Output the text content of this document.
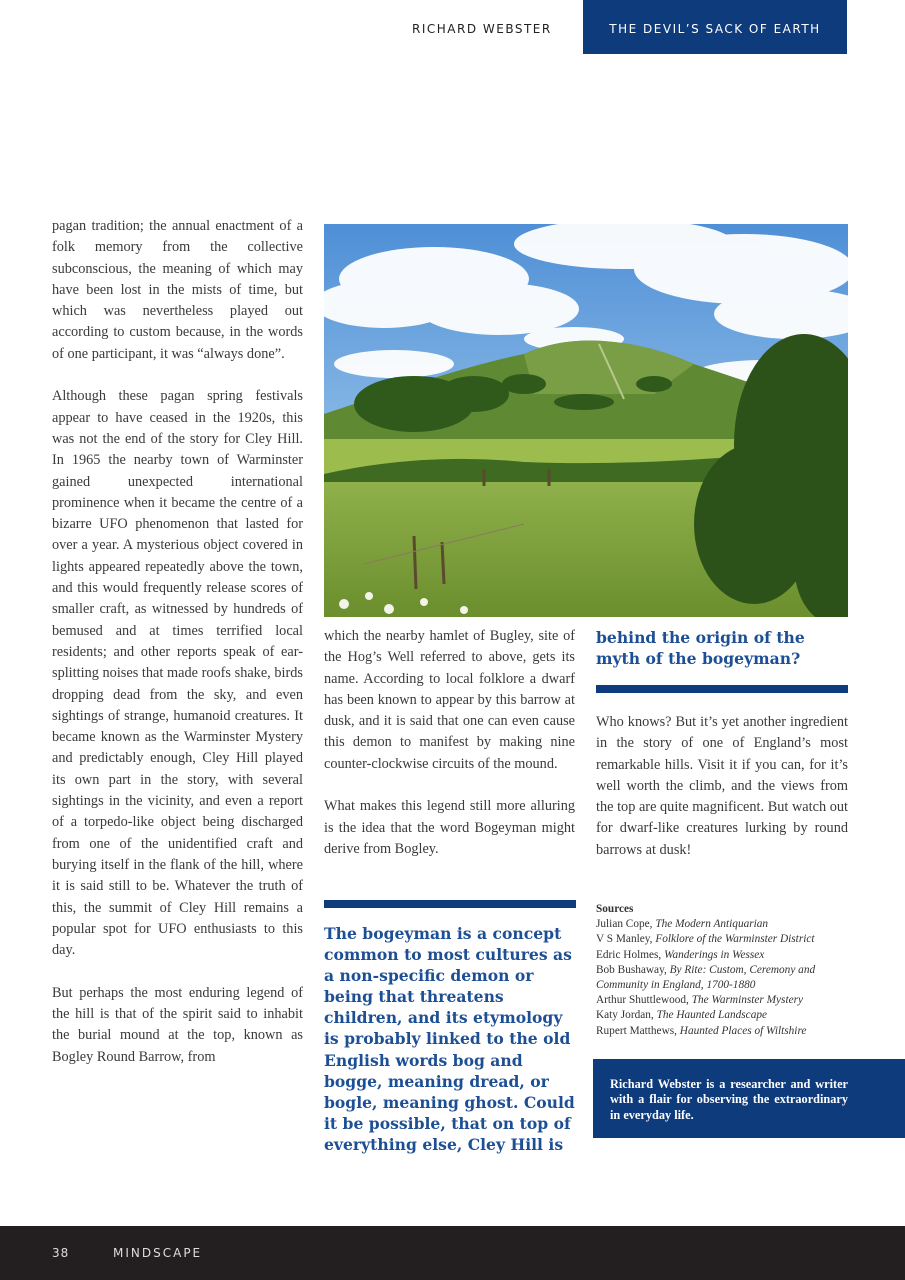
RICHARD WEBSTER	THE DEVIL’S SACK OF EARTH

pagan tradition; the annual enactment of a folk memory from the collective subconscious, the meaning of which may have been lost in the mists of time, but which was nevertheless played out according to custom because, in the words of one participant, it was “always done”.

Although these pagan spring festivals appear to have ceased in the 1920s, this was not the end of the story for Cley Hill. In 1965 the nearby town of Warminster gained unexpected international prominence when it became the centre of a bizarre UFO phenomenon that lasted for over a year. A mysterious object covered in lights appeared repeatedly above the town, and this would frequently release scores of smaller craft, as witnessed by hundreds of bemused and at times terrified local residents; and other reports speak of ear-splitting noises that made roofs shake, birds dropping dead from the sky, and even sightings of strange, humanoid creatures. It became known as the Warminster Mystery and predictably enough, Cley Hill played its own part in the story, with several sightings in the vicinity, and even a report of a torpedo-like object being discharged from one of the unidentified craft and burying itself in the flank of the hill, where it is said still to be. Whatever the truth of this, the summit of Cley Hill remains a popular spot for UFO enthusiasts to this day.

But perhaps the most enduring legend of the hill is that of the spirit said to inhabit the burial mound at the top, known as Bogley Round Barrow, from

which the nearby hamlet of Bugley, site of the Hog’s Well referred to above, gets its name. According to local folklore a dwarf has been known to appear by this barrow at dusk, and it is said that one can even cause this demon to manifest by making nine counter-clockwise circuits of the mound.

What makes this legend still more alluring is the idea that the word Bogeyman might derive from Bogley.

The bogeyman is a concept common to most cultures as a non-specific demon or being that threatens children, and its etymology is probably linked to the old English words bog and bogge, meaning dread, or bogle, meaning ghost. Could it be possible, that on top of everything else, Cley Hill is
behind the origin of the myth of the bogeyman?

Who knows? But it’s yet another ingredient in the story of one of England’s most remarkable hills. Visit it if you can, for it’s well worth the climb, and the views from the top are quite magnificent. But watch out for dwarf-like creatures lurking by round barrows at dusk!

Sources
Julian Cope, The Modern Antiquarian
V S Manley, Folklore of the Warminster District
Edric Holmes, Wanderings in Wessex
Bob Bushaway, By Rite: Custom, Ceremony and Community in England, 1700-1880
Arthur Shuttlewood, The Warminster Mystery
Katy Jordan, The Haunted Landscape
Rupert Matthews, Haunted Places of Wiltshire
Richard Webster is a researcher and writer with a flair for observing the extraordinary in everyday life.
38	MINDSCAPE
